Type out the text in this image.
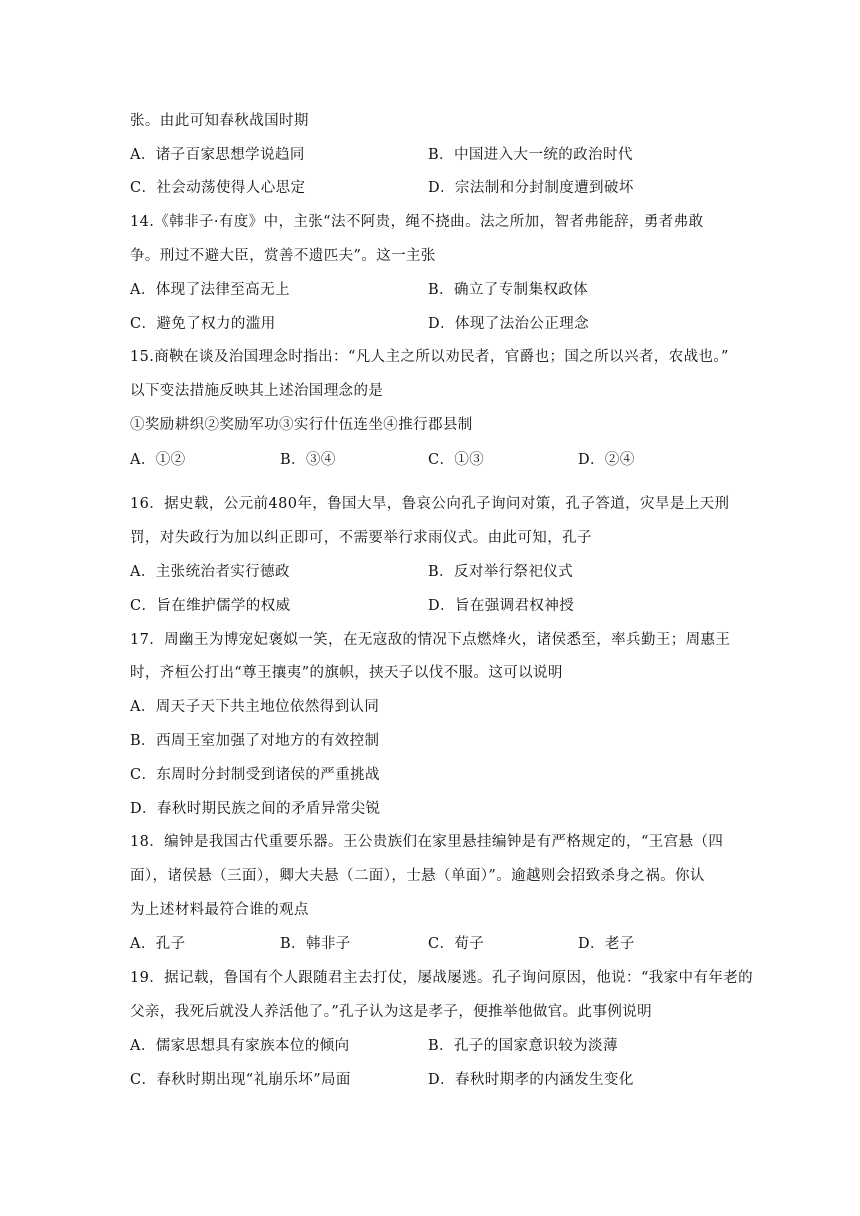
张。由此可知春秋战国时期
A．诸子百家思想学说趋同	B．中国进入大一统的政治时代
C．社会动荡使得人心思定	D．宗法制和分封制度遭到破坏
14.《韩非子·有度》中，主张“法不阿贵，绳不挠曲。法之所加，智者弗能辞，勇者弗敢
争。刑过不避大臣，赏善不遗匹夫”。这一主张
A．体现了法律至高无上	B．确立了专制集权政体
C．避免了权力的滥用	D．体现了法治公正理念
15.商鞅在谈及治国理念时指出：“凡人主之所以劝民者，官爵也；国之所以兴者，农战也。”
以下变法措施反映其上述治国理念的是
①奖励耕织②奖励军功③实行什伍连坐④推行郡县制
A．①②	B．③④	C．①③	D．②④
16．据史载，公元前480年，鲁国大旱，鲁哀公向孔子询问对策，孔子答道，灾旱是上天刑
罚，对失政行为加以纠正即可，不需要举行求雨仪式。由此可知，孔子
A．主张统治者实行德政	B．反对举行祭祀仪式
C．旨在维护儒学的权威	D．旨在强调君权神授
17．周幽王为博宠妃褒姒一笑，在无寇敌的情况下点燃烽火，诸侯悉至，率兵勤王；周惠王
时，齐桓公打出“尊王攘夷”的旗帜，挟天子以伐不服。这可以说明
A．周天子天下共主地位依然得到认同
B．西周王室加强了对地方的有效控制
C．东周时分封制受到诸侯的严重挑战
D．春秋时期民族之间的矛盾异常尖锐
18．编钟是我国古代重要乐器。王公贵族们在家里悬挂编钟是有严格规定的，“王宫悬（四
面），诸侯悬（三面），卿大夫悬（二面），士悬（单面）”。逾越则会招致杀身之祸。你认
为上述材料最符合谁的观点
A．孔子	B．韩非子	C．荀子	D．老子
19．据记载，鲁国有个人跟随君主去打仗，屡战屡逃。孔子询问原因，他说：“我家中有年老的
父亲，我死后就没人养活他了。”孔子认为这是孝子，便推举他做官。此事例说明
A．儒家思想具有家族本位的倾向	B．孔子的国家意识较为淡薄
C．春秋时期出现“礼崩乐坏”局面	D．春秋时期孝的内涵发生变化
